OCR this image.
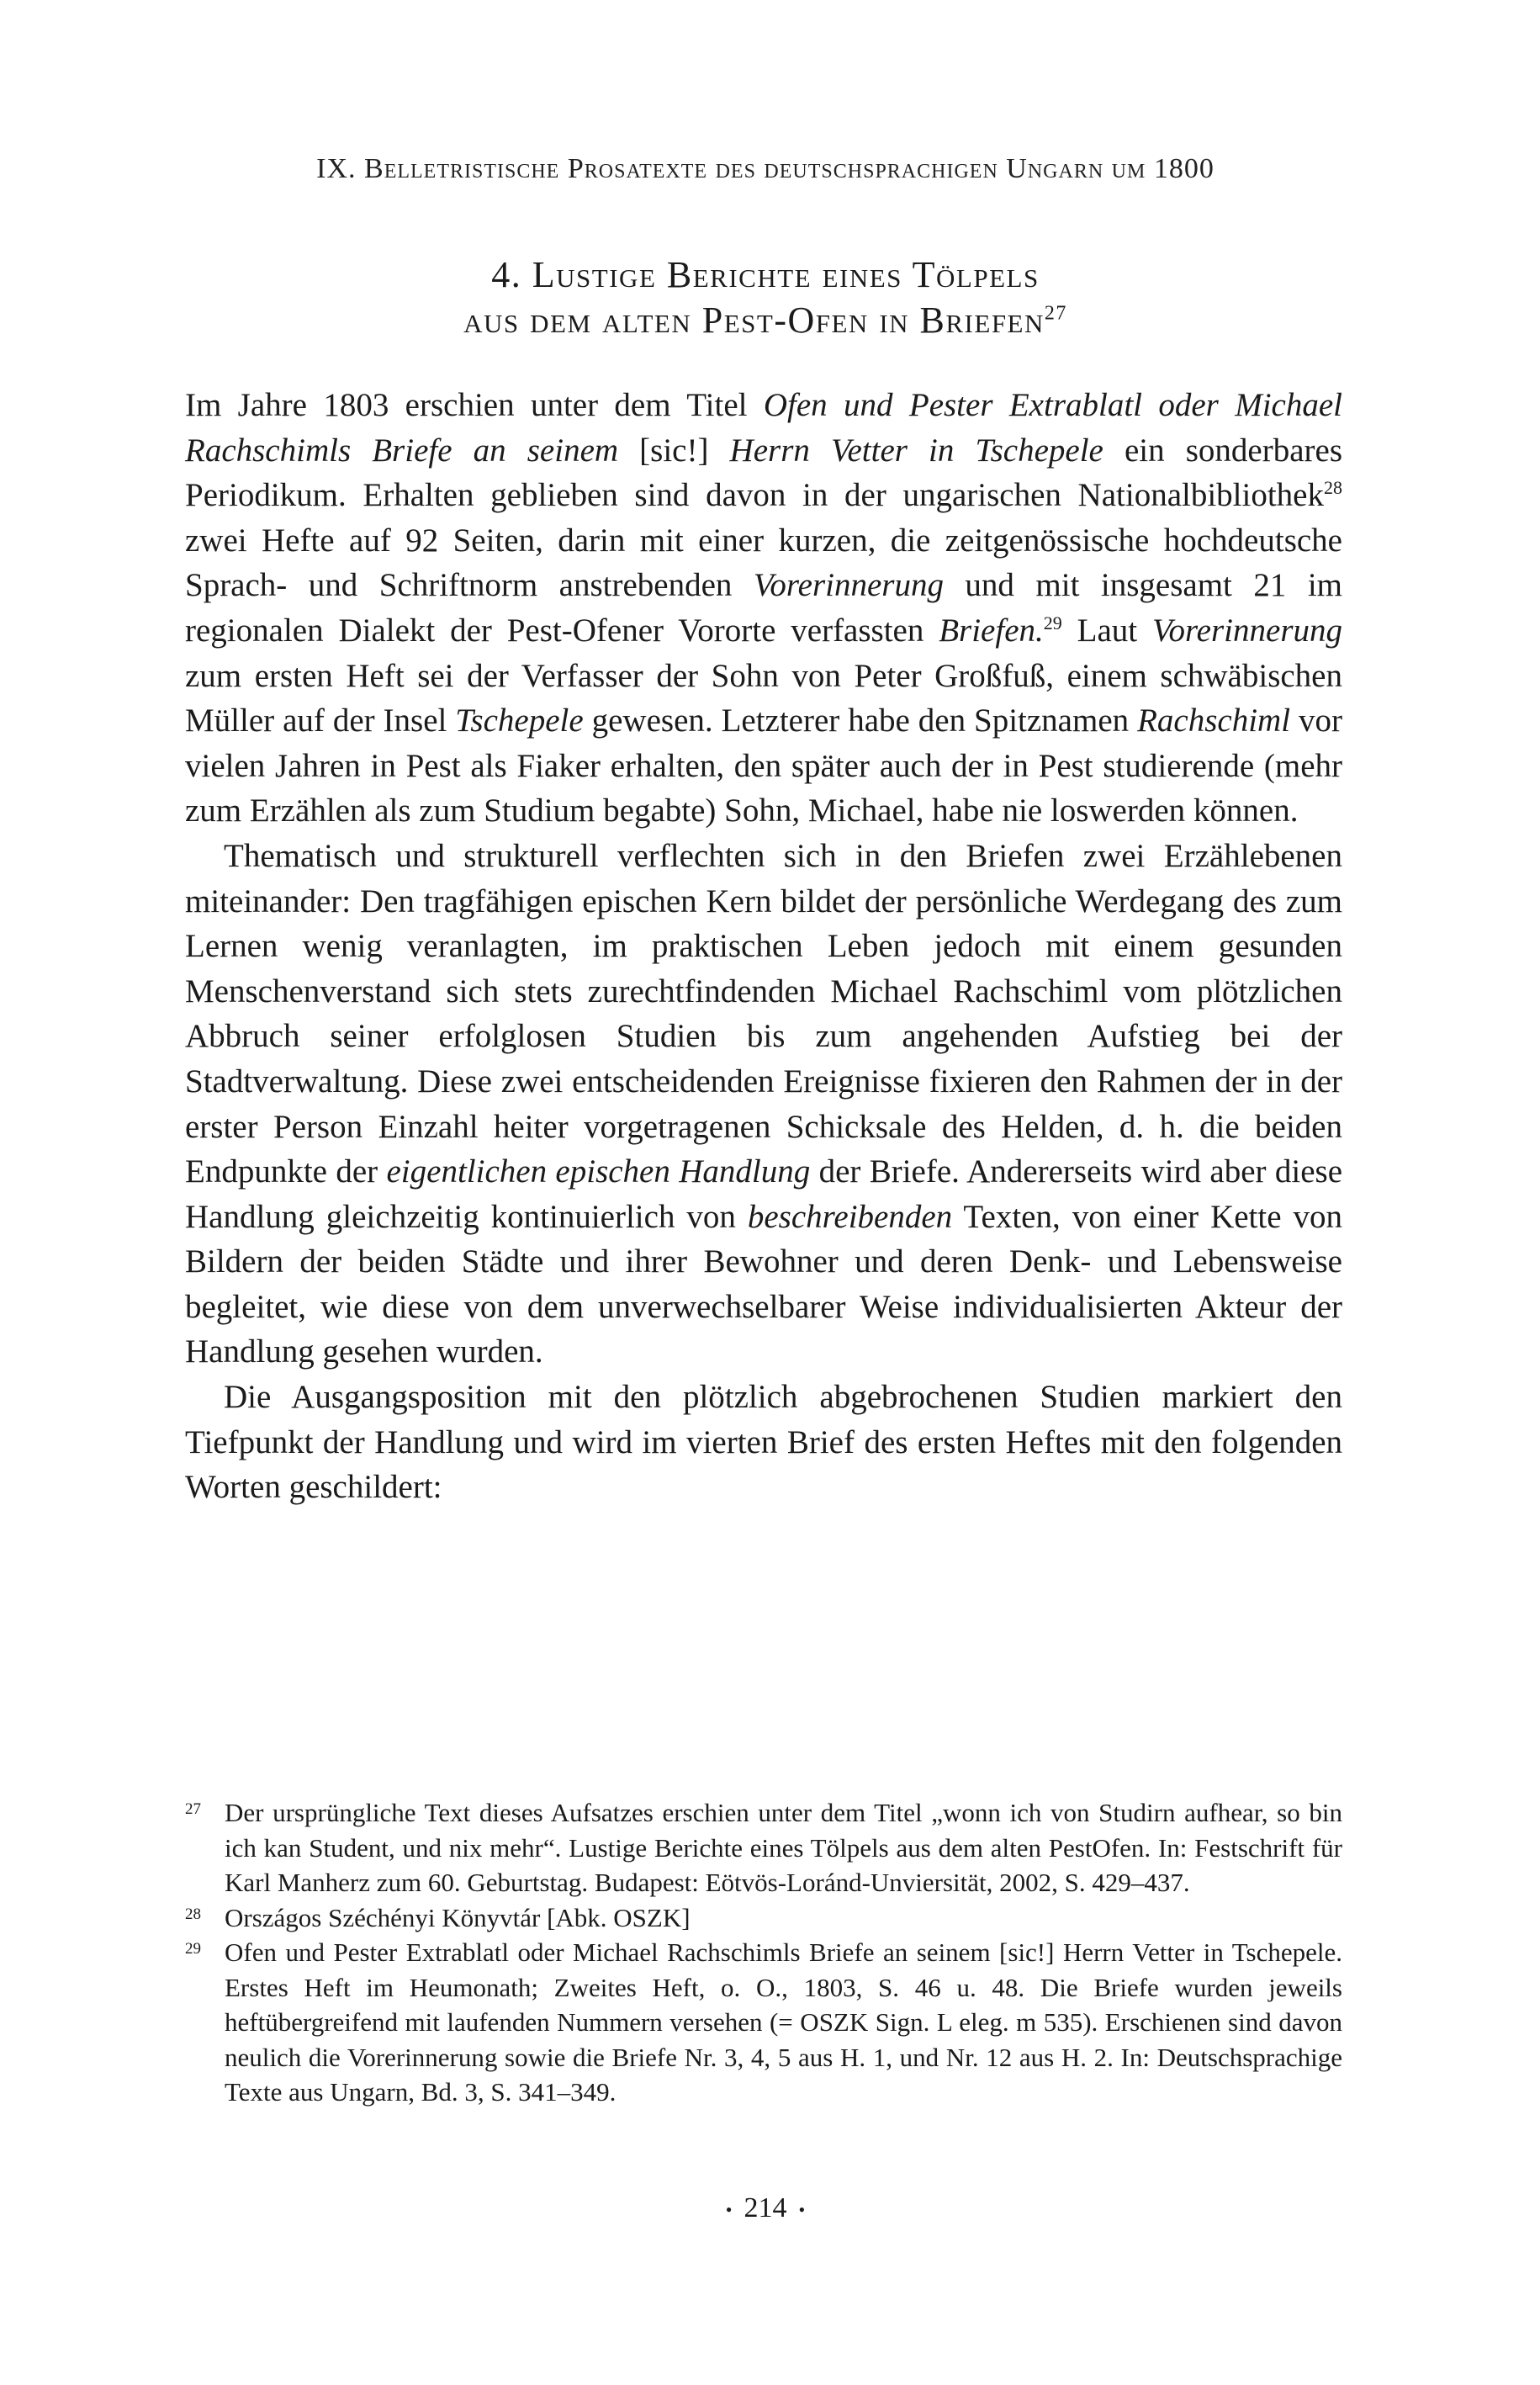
IX. Belletristische Prosatexte des deutschsprachigen Ungarn um 1800
4. Lustige Berichte eines Tölpels
aus dem alten Pest-Ofen in Briefen$^{27}$

Im Jahre 1803 erschien unter dem Titel Ofen und Pester Extrablatl oder Michael Rachschimls Briefe an seinem [sic!] Herrn Vetter in Tschepele ein sonderbares Periodikum. Erhalten geblieben sind davon in der ungarischen Nationalbibliothek$^{28}$ zwei Hefte auf 92 Seiten, darin mit einer kurzen, die zeitgenössische hochdeutsche Sprach- und Schriftnorm anstrebenden Vorerinnerung und mit insgesamt 21 im regionalen Dialekt der Pest-Ofener Vororte verfassten Briefen.$^{29}$ Laut Vorerinnerung zum ersten Heft sei der Verfasser der Sohn von Peter Großfuß, einem schwäbischen Müller auf der Insel Tschepele gewesen. Letzterer habe den Spitznamen Rachschiml vor vielen Jahren in Pest als Fiaker erhalten, den später auch der in Pest studierende (mehr zum Erzählen als zum Studium begabte) Sohn, Michael, habe nie loswerden können.

Thematisch und strukturell verflechten sich in den Briefen zwei Erzählebenen miteinander: Den tragfähigen epischen Kern bildet der persönliche Werdegang des zum Lernen wenig veranlagten, im praktischen Leben jedoch mit einem gesunden Menschenverstand sich stets zurechtfindenden Michael Rachschiml vom plötzlichen Abbruch seiner erfolglosen Studien bis zum angehenden Aufstieg bei der Stadtverwaltung. Diese zwei entscheidenden Ereignisse fixieren den Rahmen der in der erster Person Einzahl heiter vorgetragenen Schicksale des Helden, d. h. die beiden Endpunkte der eigentlichen epischen Handlung der Briefe. Andererseits wird aber diese Handlung gleichzeitig kontinuierlich von beschreibenden Texten, von einer Kette von Bildern der beiden Städte und ihrer Bewohner und deren Denk- und Lebensweise begleitet, wie diese von dem unverwechselbarer Weise individualisierten Akteur der Handlung gesehen wurden.

Die Ausgangsposition mit den plötzlich abgebrochenen Studien markiert den Tiefpunkt der Handlung und wird im vierten Brief des ersten Heftes mit den folgenden Worten geschildert:

27 Der ursprüngliche Text dieses Aufsatzes erschien unter dem Titel „wonn ich von Studirn aufhear, so bin ich kan Student, und nix mehr“. Lustige Berichte eines Tölpels aus dem alten PestOfen. In: Festschrift für Karl Manherz zum 60. Geburtstag. Budapest: Eötvös-Loránd-Unviersität, 2002, S. 429–437.

28 Országos Széchényi Könyvtár [Abk. OSZK]

29 Ofen und Pester Extrablatl oder Michael Rachschimls Briefe an seinem [sic!] Herrn Vetter in Tschepele. Erstes Heft im Heumonath; Zweites Heft, o. O., 1803, S. 46 u. 48. Die Briefe wurden jeweils heftübergreifend mit laufenden Nummern versehen (= OSZK Sign. L eleg. m 535). Erschienen sind davon neulich die Vorerinnerung sowie die Briefe Nr. 3, 4, 5 aus H. 1, und Nr. 12 aus H. 2. In: Deutschsprachige Texte aus Ungarn, Bd. 3, S. 341–349.

• 214 •
